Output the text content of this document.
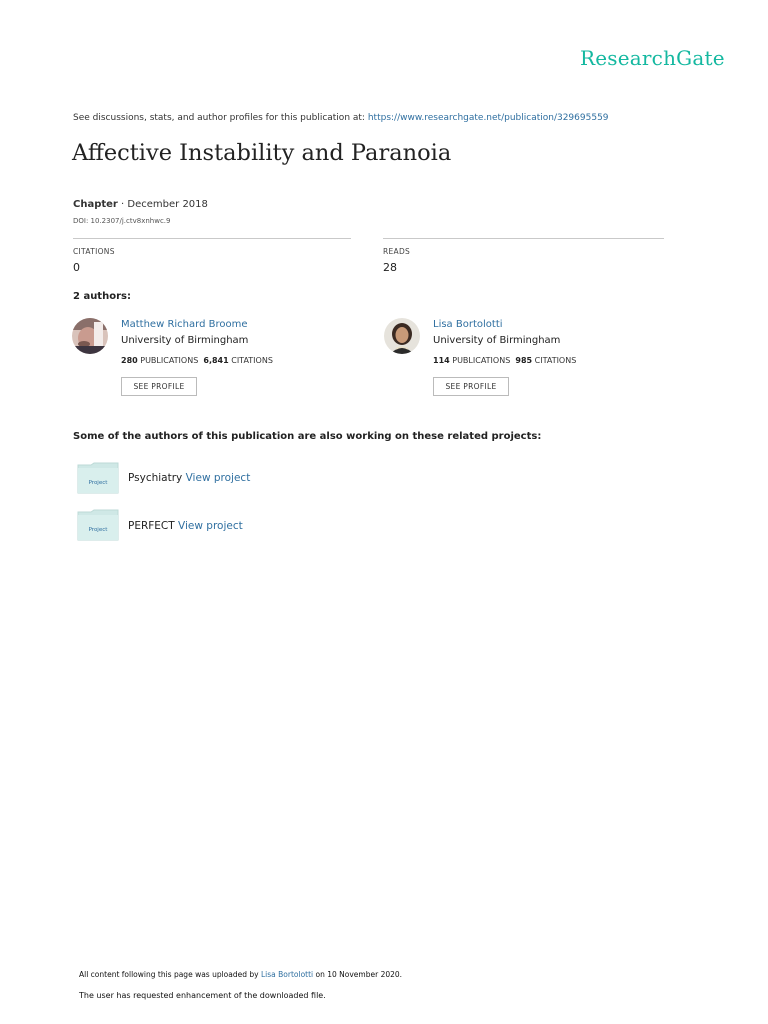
ResearchGate
See discussions, stats, and author profiles for this publication at: https://www.researchgate.net/publication/329695559
Affective Instability and Paranoia
Chapter · December 2018
DOI: 10.2307/j.ctv8xnhwc.9
CITATIONS
0
READS
28
2 authors:
Matthew Richard Broome
University of Birmingham
280 PUBLICATIONS 6,841 CITATIONS
SEE PROFILE
Lisa Bortolotti
University of Birmingham
114 PUBLICATIONS 985 CITATIONS
SEE PROFILE
Some of the authors of this publication are also working on these related projects:
Project Psychiatry View project
Project PERFECT View project
All content following this page was uploaded by Lisa Bortolotti on 10 November 2020.
The user has requested enhancement of the downloaded file.
